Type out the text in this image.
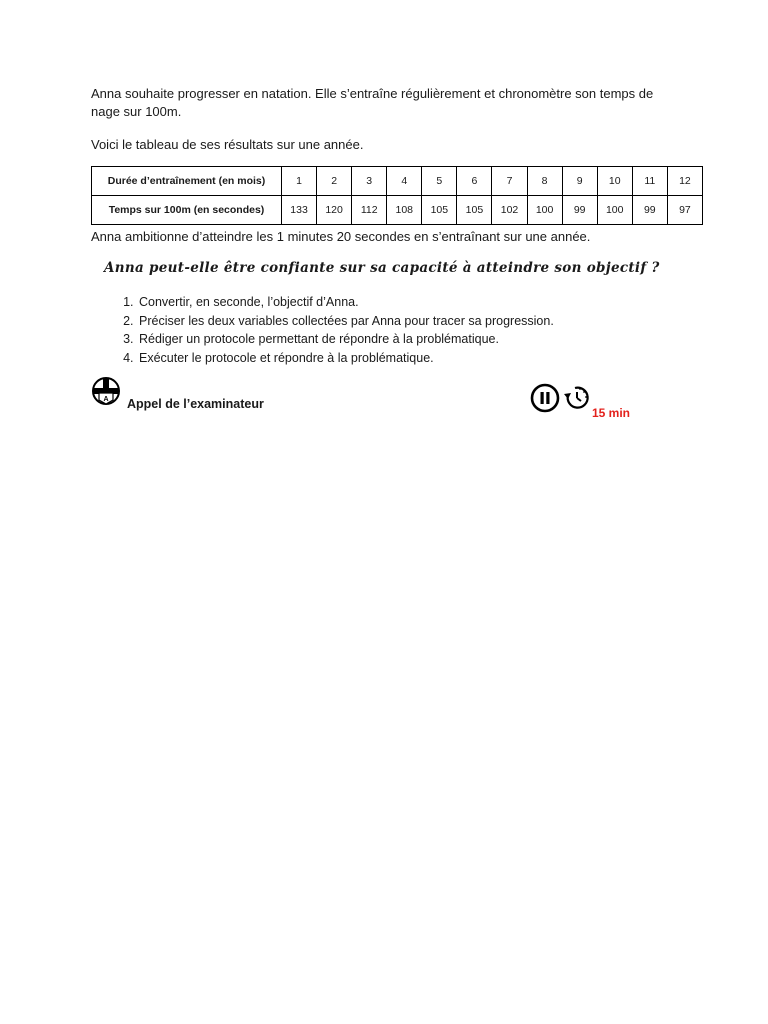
Anna souhaite progresser en natation. Elle s’entraîne régulièrement et chronomètre son temps de nage sur 100m.
Voici le tableau de ses résultats sur une année.
Durée d’entraînement (en mois)	1	2	3	4	5	6	7	8	9	10	11	12
Temps sur 100m (en secondes)	133	120	112	108	105	105	102	100	99	100	99	97
Anna ambitionne d’atteindre les 1 minutes 20 secondes en s’entraînant sur une année.
Anna peut-elle être confiante sur sa capacité à atteindre son objectif ?
1. Convertir, en seconde, l’objectif d’Anna.
2. Préciser les deux variables collectées par Anna pour tracer sa progression.
3. Rédiger un protocole permettant de répondre à la problématique.
4. Exécuter le protocole et répondre à la problématique.
A Appel de l’examinateur
15 min
